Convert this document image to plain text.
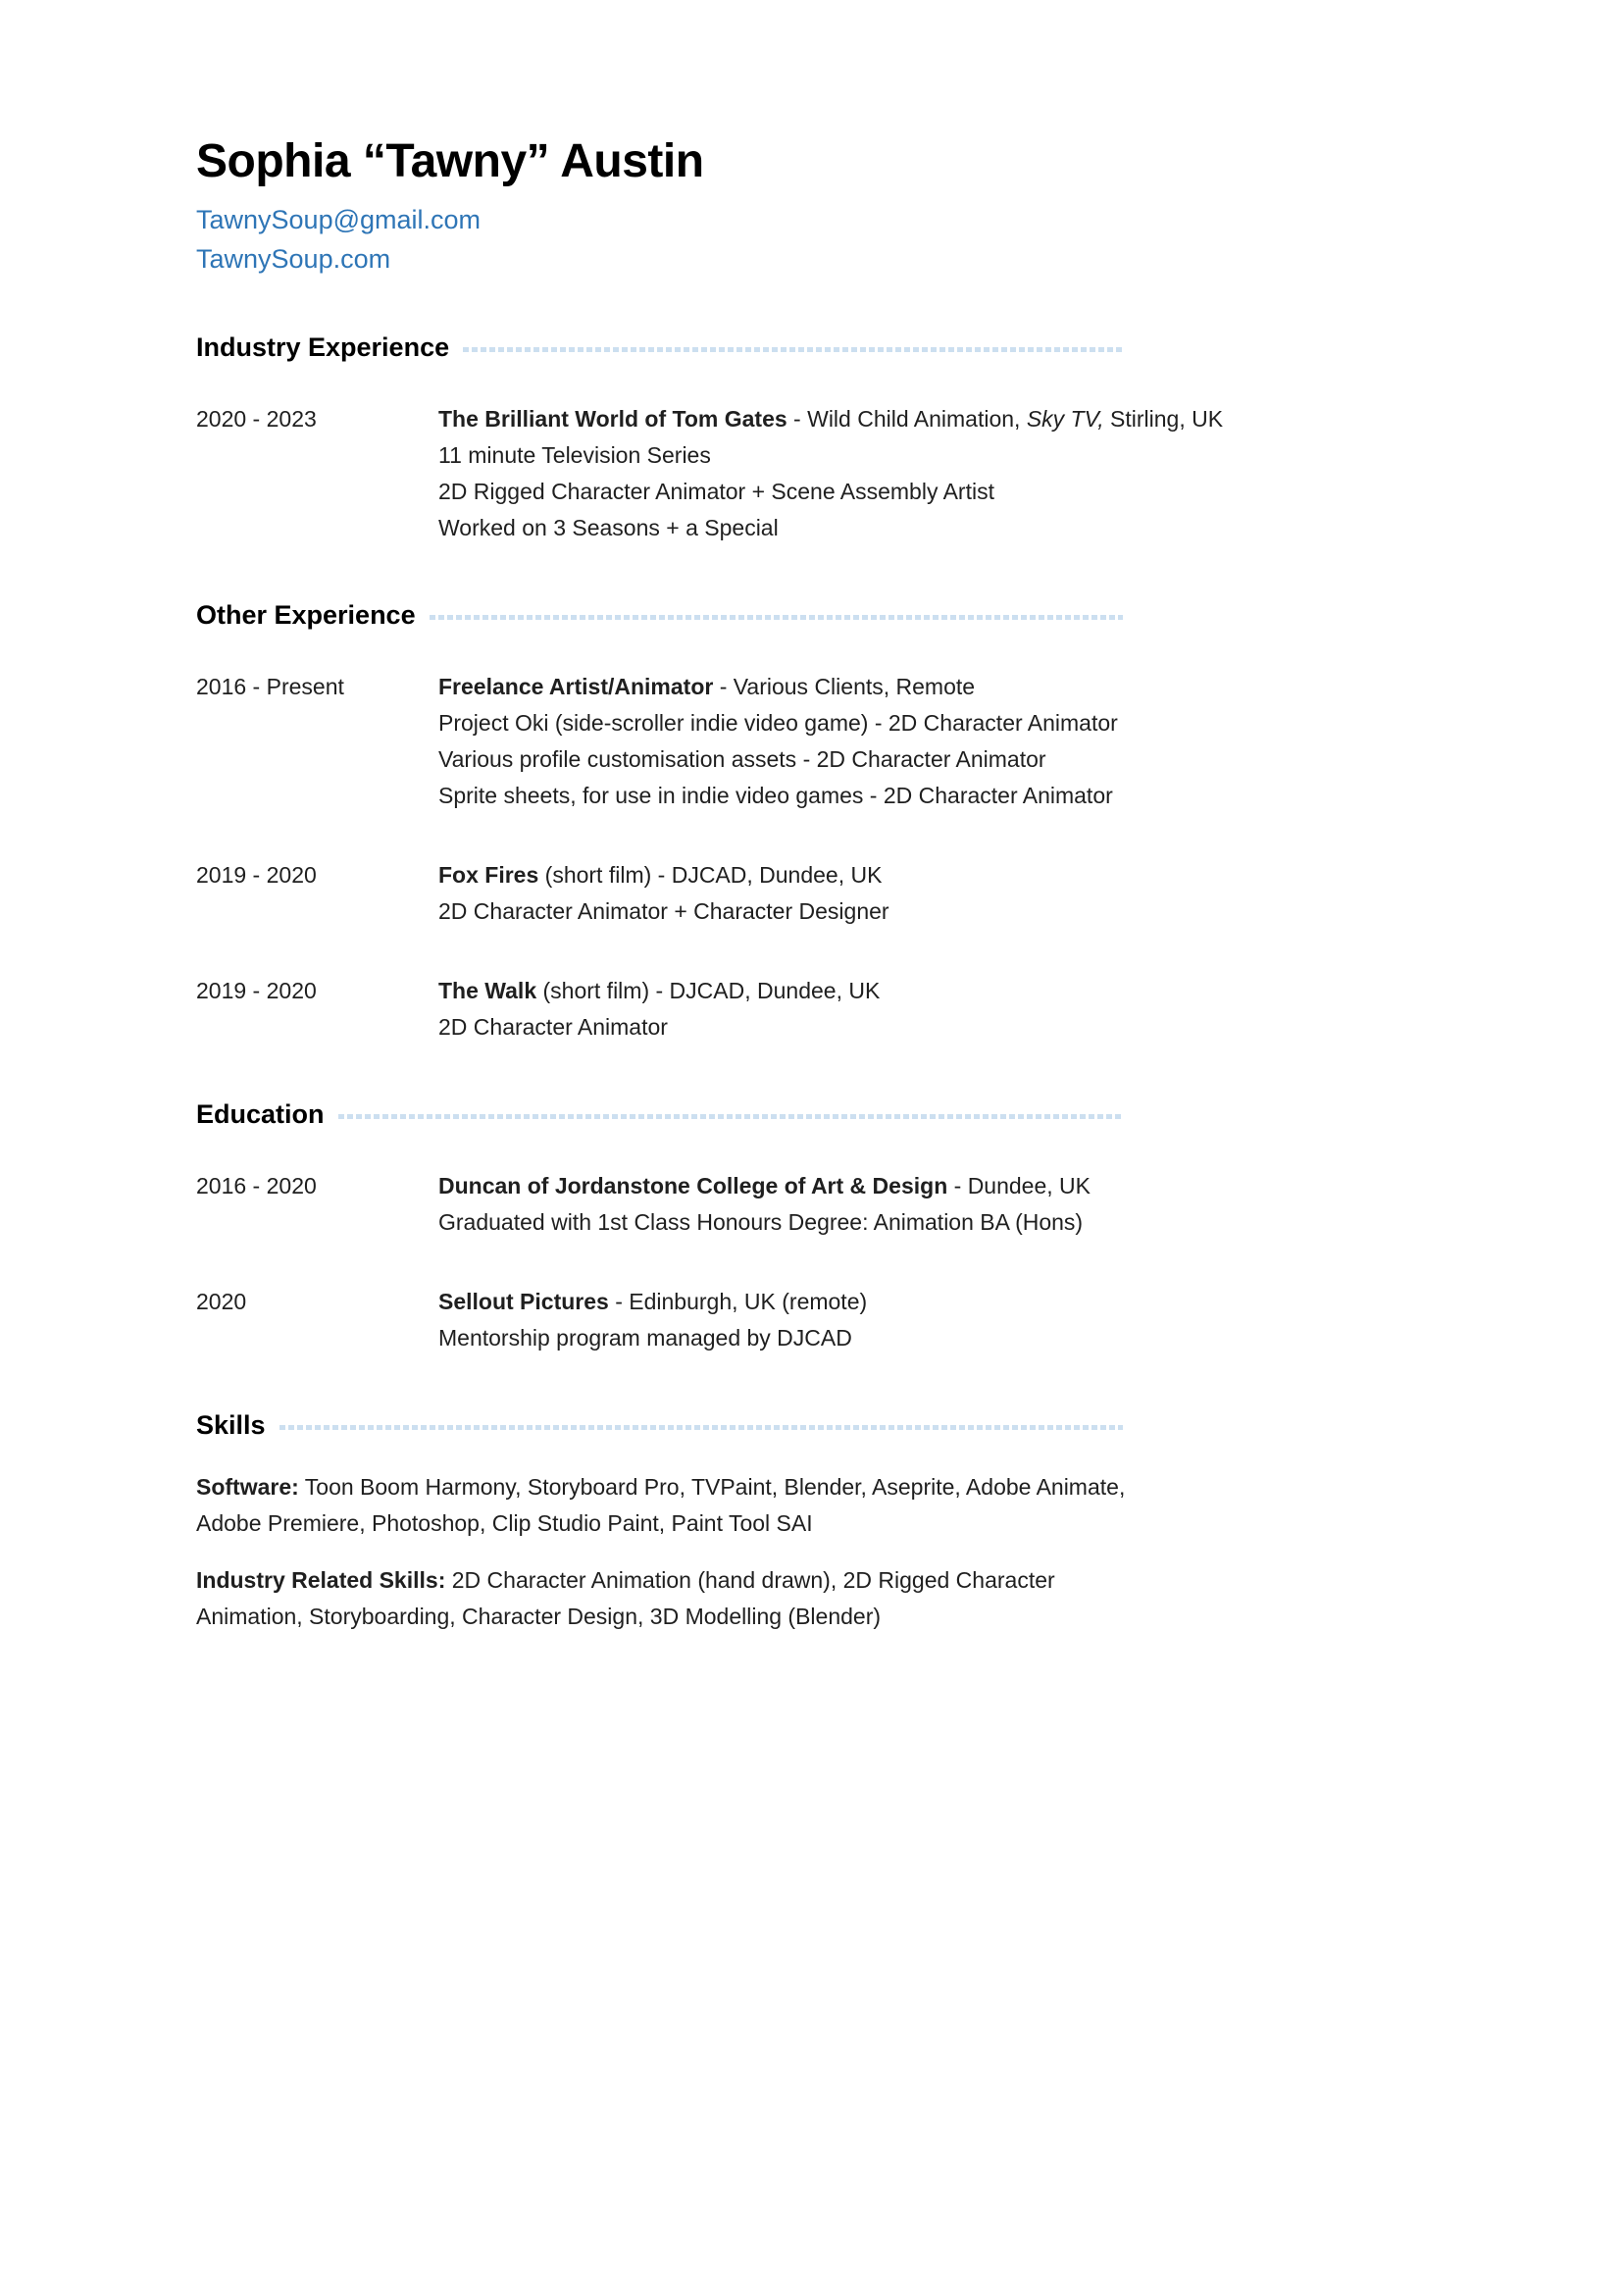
Sophia “Tawny” Austin
TawnySoup@gmail.com
TawnySoup.com
Industry Experience
2020 - 2023	The Brilliant World of Tom Gates - Wild Child Animation, Sky TV, Stirling, UK
11 minute Television Series
2D Rigged Character Animator + Scene Assembly Artist
Worked on 3 Seasons + a Special
Other Experience
2016 - Present	Freelance Artist/Animator - Various Clients, Remote
Project Oki (side-scroller indie video game) - 2D Character Animator
Various profile customisation assets - 2D Character Animator
Sprite sheets, for use in indie video games - 2D Character Animator
2019 - 2020	Fox Fires (short film) - DJCAD, Dundee, UK
2D Character Animator + Character Designer
2019 - 2020	The Walk (short film) - DJCAD, Dundee, UK
2D Character Animator
Education
2016 - 2020	Duncan of Jordanstone College of Art & Design - Dundee, UK
Graduated with 1st Class Honours Degree: Animation BA (Hons)
2020	Sellout Pictures - Edinburgh, UK (remote)
Mentorship program managed by DJCAD
Skills

Software: Toon Boom Harmony, Storyboard Pro, TVPaint, Blender, Aseprite, Adobe Animate,
Adobe Premiere, Photoshop, Clip Studio Paint, Paint Tool SAI

Industry Related Skills: 2D Character Animation (hand drawn), 2D Rigged Character
Animation, Storyboarding, Character Design, 3D Modelling (Blender)
